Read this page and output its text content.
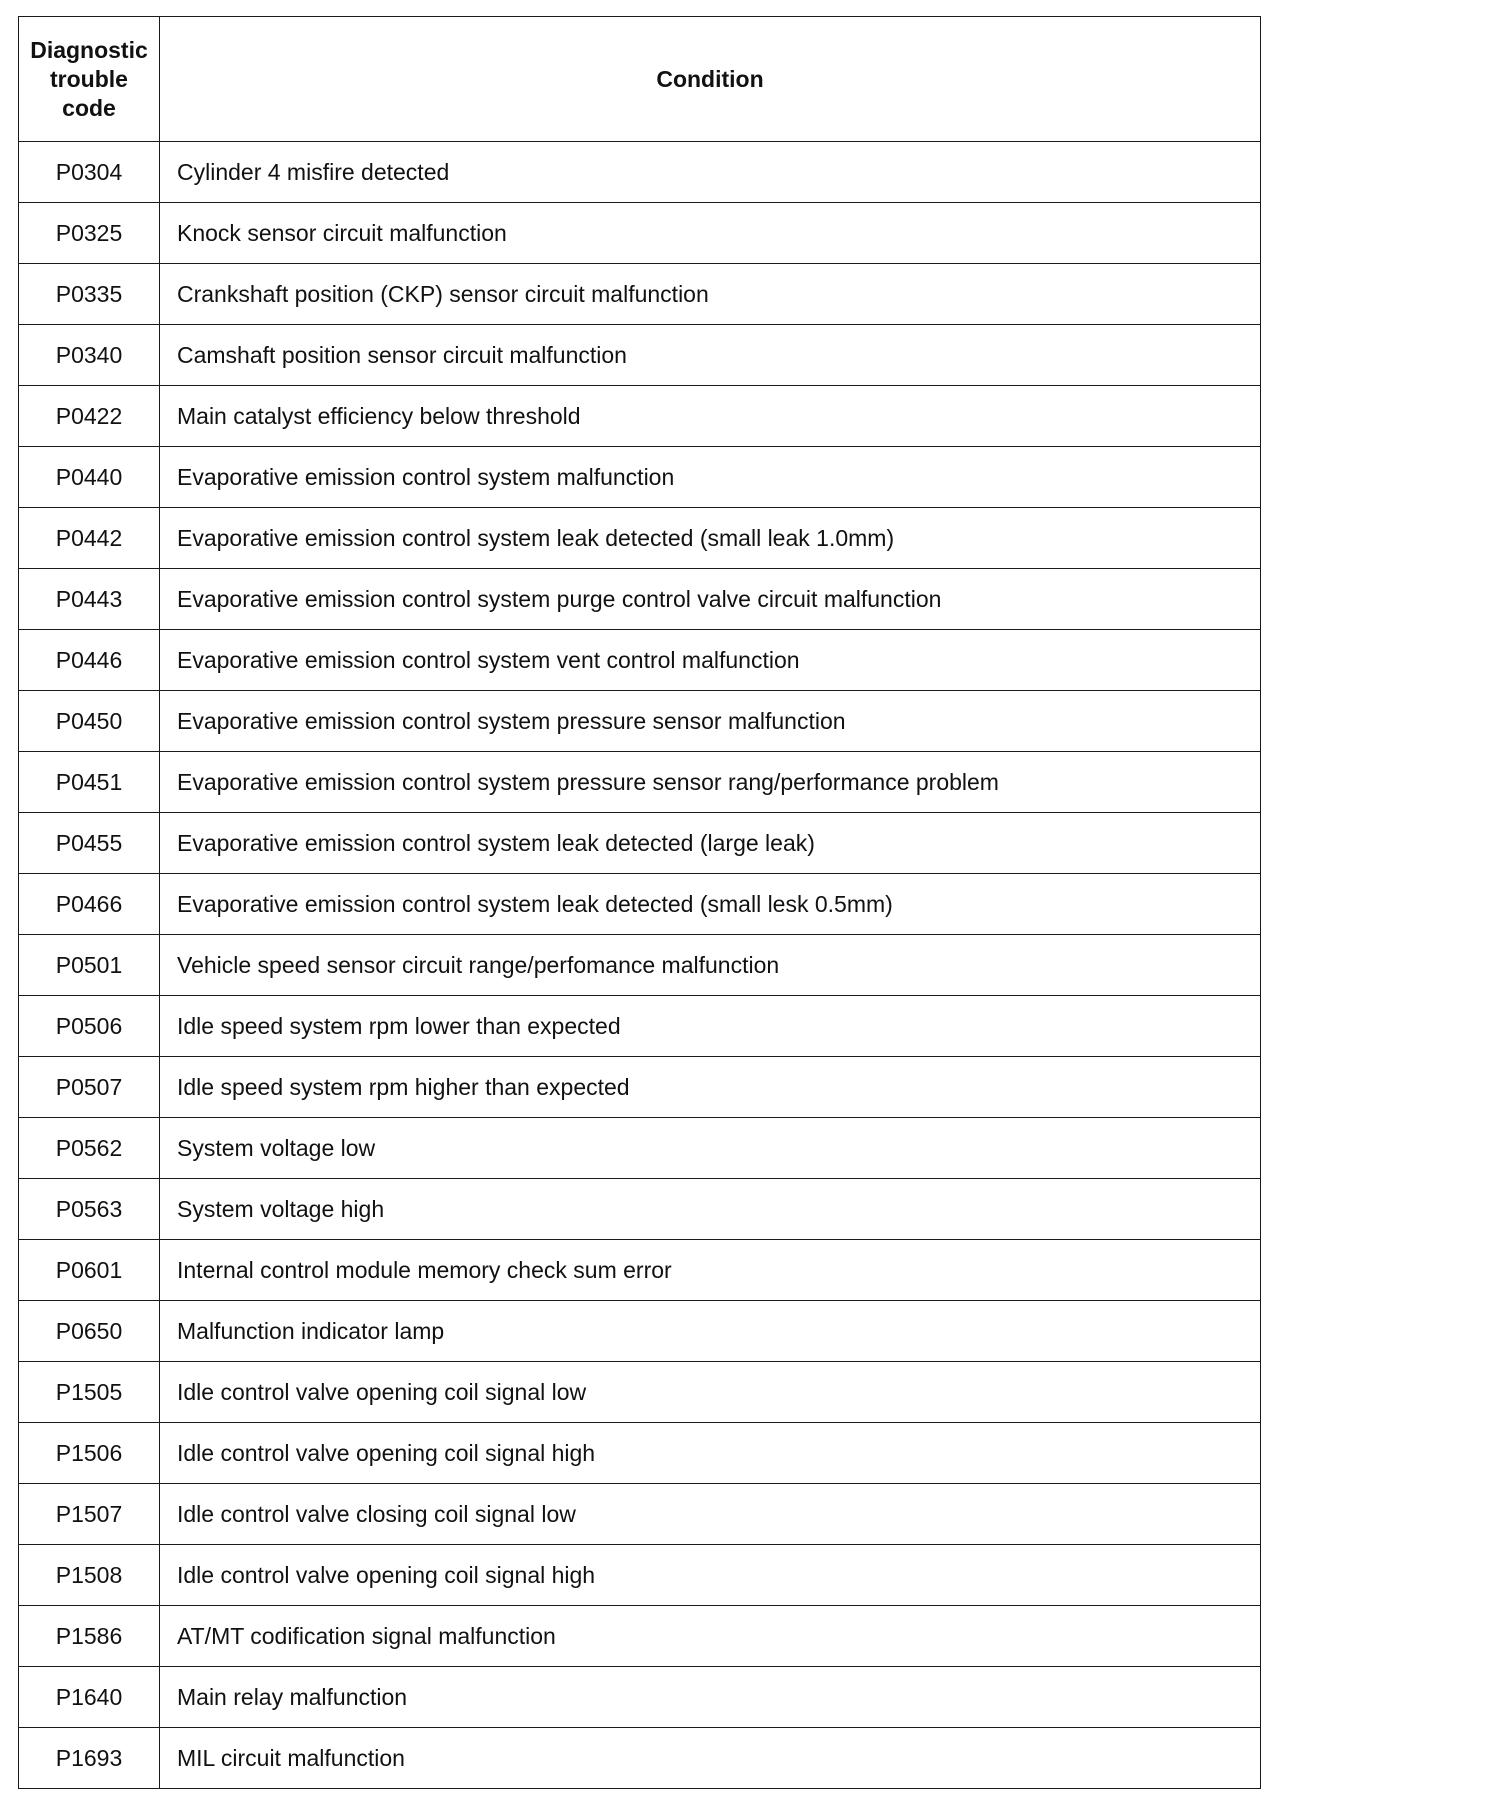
Diagnostic
trouble
code	Condition
P0304	Cylinder 4 misfire detected
P0325	Knock sensor circuit malfunction
P0335	Crankshaft position (CKP) sensor circuit malfunction
P0340	Camshaft position sensor circuit malfunction
P0422	Main catalyst efficiency below threshold
P0440	Evaporative emission control system malfunction
P0442	Evaporative emission control system leak detected (small leak 1.0mm)
P0443	Evaporative emission control system purge control valve circuit malfunction
P0446	Evaporative emission control system vent control malfunction
P0450	Evaporative emission control system pressure sensor malfunction
P0451	Evaporative emission control system pressure sensor rang/performance problem
P0455	Evaporative emission control system leak detected (large leak)
P0466	Evaporative emission control system leak detected (small lesk 0.5mm)
P0501	Vehicle speed sensor circuit range/perfomance malfunction
P0506	Idle speed system rpm lower than expected
P0507	Idle speed system rpm higher than expected
P0562	System voltage low
P0563	System voltage high
P0601	Internal control module memory check sum error
P0650	Malfunction indicator lamp
P1505	Idle control valve opening coil signal low
P1506	Idle control valve opening coil signal high
P1507	Idle control valve closing coil signal low
P1508	Idle control valve opening coil signal high
P1586	AT/MT codification signal malfunction
P1640	Main relay malfunction
P1693	MIL circuit malfunction
